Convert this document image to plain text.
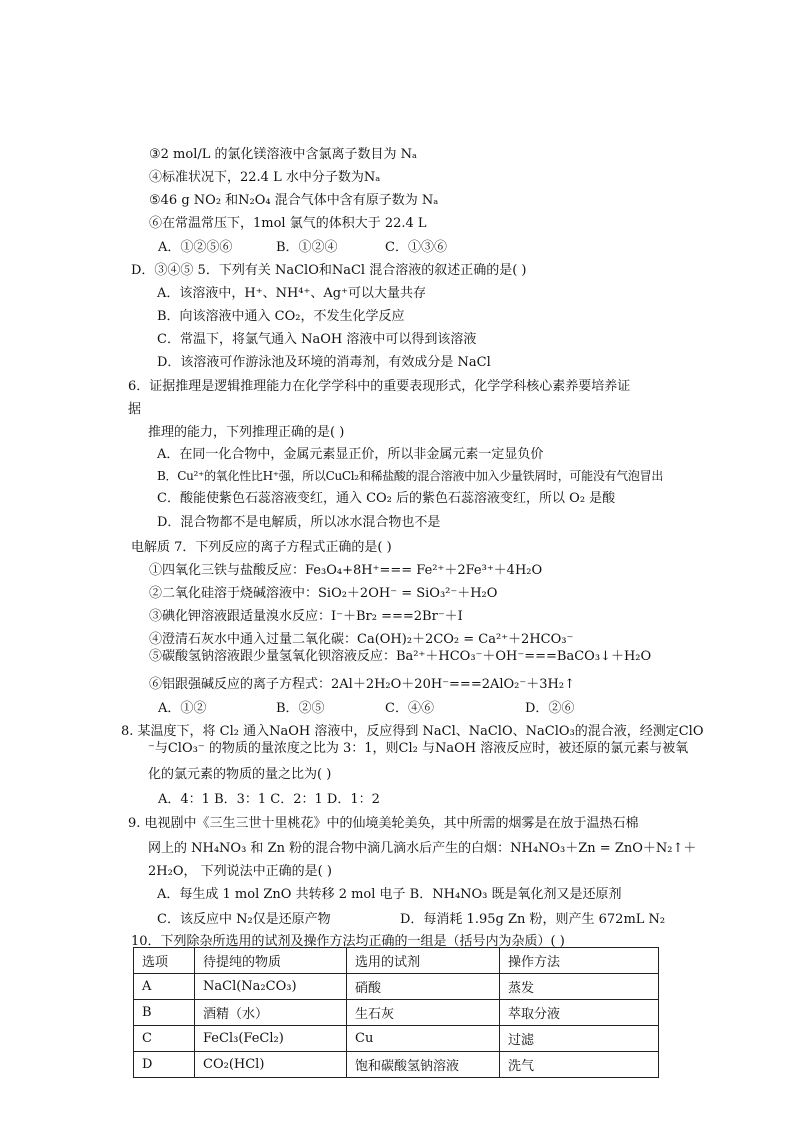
③2 mol/L 的氯化镁溶液中含氯离子数目为 Nₐ
④标准状况下，22.4 L 水中分子数为Nₐ
⑤46 g NO₂ 和N₂O₄ 混合气体中含有原子数为 Nₐ
⑥在常温常压下，1mol 氯气的体积大于 22.4 L
A．①②⑤⑥	B．①②④	C．①③⑥
D．③④⑤ 5．下列有关 NaClO和NaCl 混合溶液的叙述正确的是( )
A．该溶液中，H⁺、NH⁴⁺、Ag⁺可以大量共存
B．向该溶液中通入 CO₂，不发生化学反应
C．常温下，将氯气通入 NaOH 溶液中可以得到该溶液
D．该溶液可作游泳池及环境的消毒剂，有效成分是 NaCl
6．证据推理是逻辑推理能力在化学学科中的重要表现形式，化学学科核心素养要培养证
据
推理的能力，下列推理正确的是( )
A．在同一化合物中，金属元素显正价，所以非金属元素一定显负价
B．Cu²⁺的氧化性比H⁺强，所以CuCl₂和稀盐酸的混合溶液中加入少量铁屑时，可能没有气泡冒出
C．酸能使紫色石蕊溶液变红，通入 CO₂ 后的紫色石蕊溶液变红，所以 O₂ 是酸
D．混合物都不是电解质，所以冰水混合物也不是
电解质 7．下列反应的离子方程式正确的是( )
①四氧化三铁与盐酸反应：Fe₃O₄+8H⁺=== Fe²⁺＋2Fe³⁺＋4H₂O
②二氧化硅溶于烧碱溶液中：SiO₂＋2OH⁻ = SiO₃²⁻＋H₂O
③碘化钾溶液跟适量溴水反应：I⁻＋Br₂ ===2Br⁻＋I
④澄清石灰水中通入过量二氧化碳：Ca(OH)₂＋2CO₂ = Ca²⁺＋2HCO₃⁻
⑤碳酸氢钠溶液跟少量氢氧化钡溶液反应：Ba²⁺＋HCO₃⁻＋OH⁻===BaCO₃↓＋H₂O
⑥铝跟强碱反应的离子方程式：2Al＋2H₂O＋20H⁻===2AlO₂⁻＋3H₂↑
A．①②	B．②⑤	C．④⑥	D．②⑥
8. 某温度下，将 Cl₂ 通入NaOH 溶液中，反应得到 NaCl、NaClO、NaClO₃的混合液，经测定ClO
⁻与ClO₃⁻ 的物质的量浓度之比为 3：1，则Cl₂ 与NaOH 溶液反应时，被还原的氯元素与被氧
化的氯元素的物质的量之比为( )
A．4：1 B．3：1 C．2：1 D．1：2
9. 电视剧中《三生三世十里桃花》中的仙境美轮美奂，其中所需的烟雾是在放于温热石棉
网上的 NH₄NO₃ 和 Zn 粉的混合物中滴几滴水后产生的白烟：NH₄NO₃＋Zn = ZnO＋N₂↑＋
2H₂O， 下列说法中正确的是( )
A．每生成 1 mol ZnO 共转移 2 mol 电子 B．NH₄NO₃ 既是氧化剂又是还原剂
C．该反应中 N₂仅是还原产物	D．每消耗 1.95g Zn 粉，则产生 672mL N₂
10．下列除杂所选用的试剂及操作方法均正确的一组是（括号内为杂质）( )
选项	待提纯的物质	选用的试剂	操作方法
A	NaCl(Na₂CO₃)	硝酸	蒸发
B	酒精（水）	生石灰	萃取分液
C	FeCl₃(FeCl₂)	Cu	过滤
D	CO₂(HCl)	饱和碳酸氢钠溶液	洗气
